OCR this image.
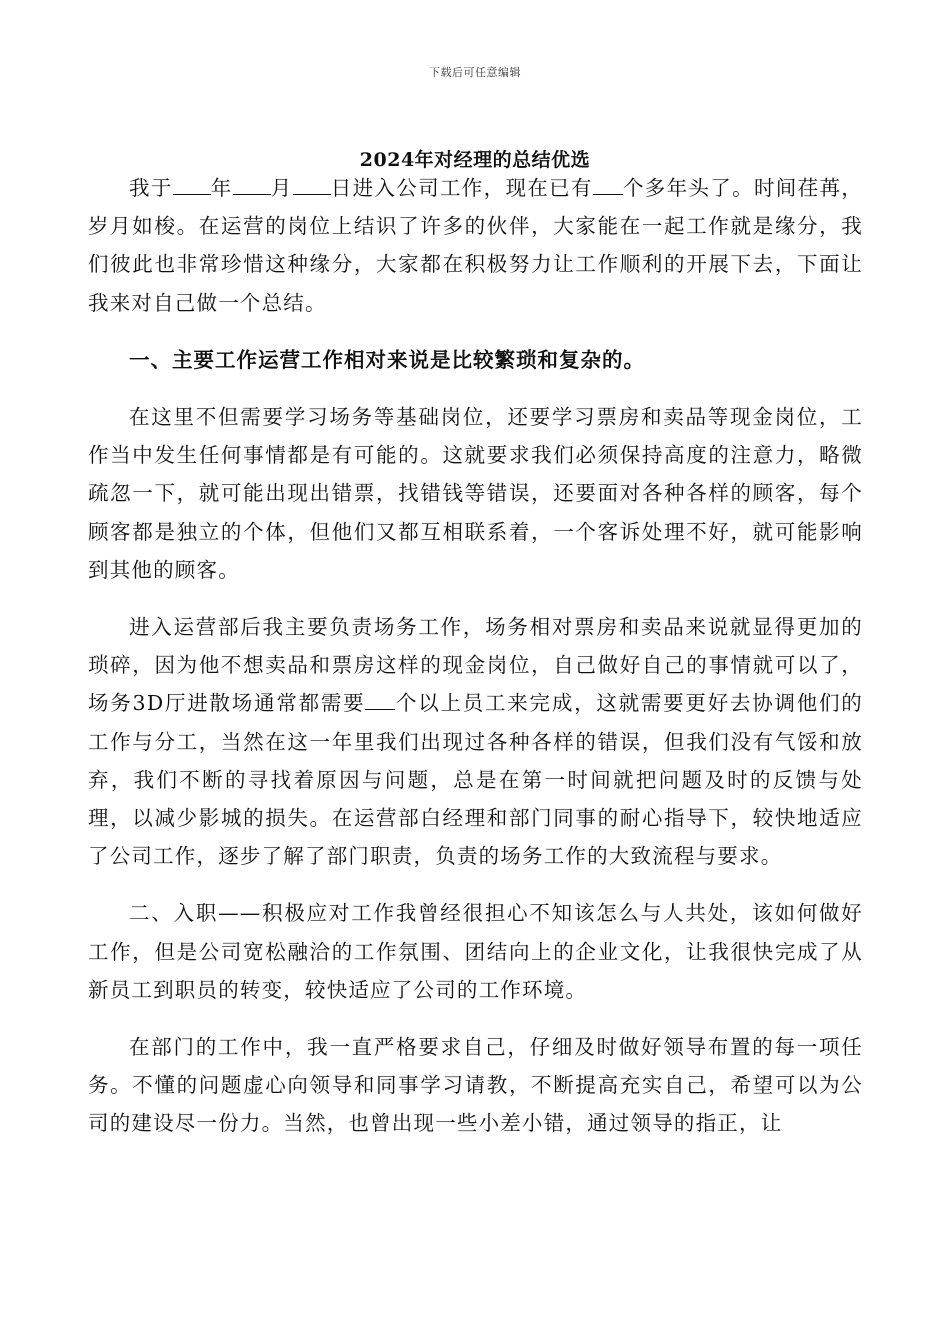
下载后可任意编辑
2024年对经理的总结优选

我于 年 月 日进入公司工作，现在已有 个多年头了。时间荏苒，岁月如梭。在运营的岗位上结识了许多的伙伴，大家能在一起工作就是缘分，我们彼此也非常珍惜这种缘分，大家都在积极努力让工作顺利的开展下去，下面让我来对自己做一个总结。

一、主要工作运营工作相对来说是比较繁琐和复杂的。

在这里不但需要学习场务等基础岗位，还要学习票房和卖品等现金岗位，工作当中发生任何事情都是有可能的。这就要求我们必须保持高度的注意力，略微疏忽一下，就可能出现出错票，找错钱等错误，还要面对各种各样的顾客，每个顾客都是独立的个体，但他们又都互相联系着，一个客诉处理不好，就可能影响到其他的顾客。

进入运营部后我主要负责场务工作，场务相对票房和卖品来说就显得更加的琐碎，因为他不想卖品和票房这样的现金岗位，自己做好自己的事情就可以了，场务3D厅进散场通常都需要 个以上员工来完成，这就需要更好去协调他们的工作与分工，当然在这一年里我们出现过各种各样的错误，但我们没有气馁和放弃，我们不断的寻找着原因与问题，总是在第一时间就把问题及时的反馈与处理，以减少影城的损失。在运营部白经理和部门同事的耐心指导下，较快地适应了公司工作，逐步了解了部门职责，负责的场务工作的大致流程与要求。

二、入职——积极应对工作我曾经很担心不知该怎么与人共处，该如何做好工作，但是公司宽松融洽的工作氛围、团结向上的企业文化，让我很快完成了从新员工到职员的转变，较快适应了公司的工作环境。

在部门的工作中，我一直严格要求自己，仔细及时做好领导布置的每一项任务。不懂的问题虚心向领导和同事学习请教，不断提高充实自己，希望可以为公司的建设尽一份力。当然，也曾出现一些小差小错，通过领导的指正，让
